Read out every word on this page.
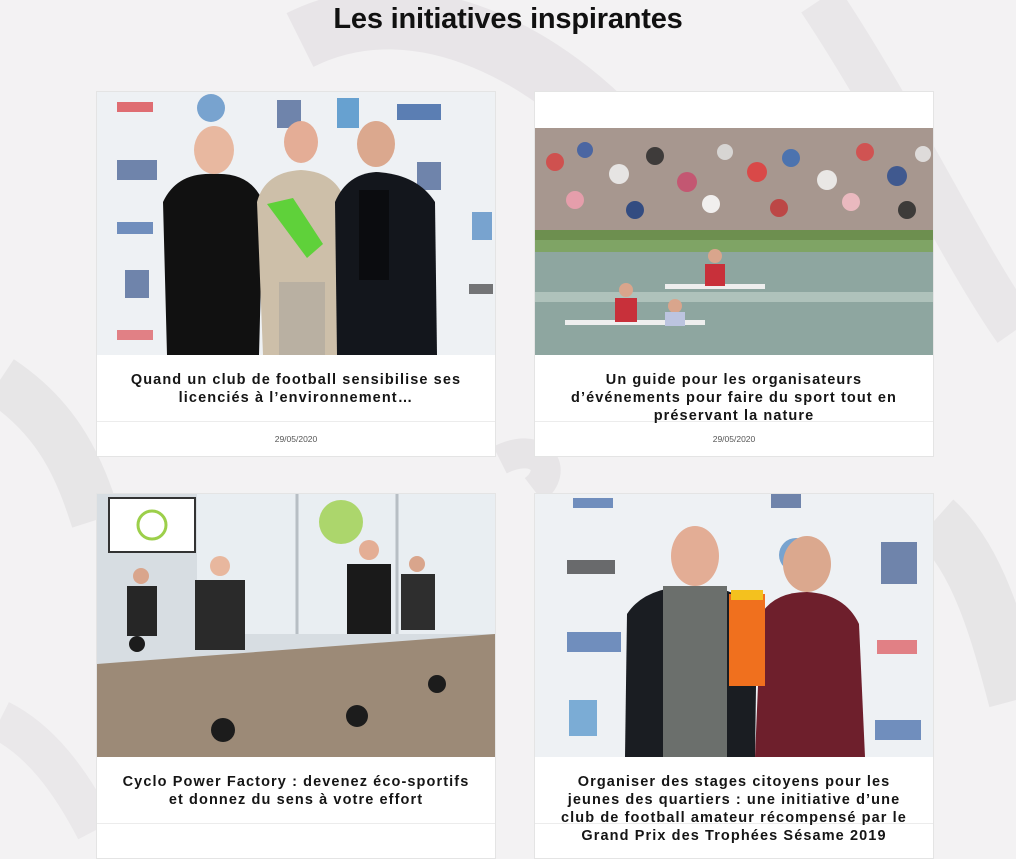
Les initiatives inspirantes
Quand un club de football sensibilise ses licenciés à l’environnement…
29/05/2020
Un guide pour les organisateurs d’événements pour faire du sport tout en préservant la nature
29/05/2020
Cyclo Power Factory : devenez éco-sportifs et donnez du sens à votre effort
Organiser des stages citoyens pour les jeunes des quartiers : une initiative d’une club de football amateur récompensé par le Grand Prix des Trophées Sésame 2019
